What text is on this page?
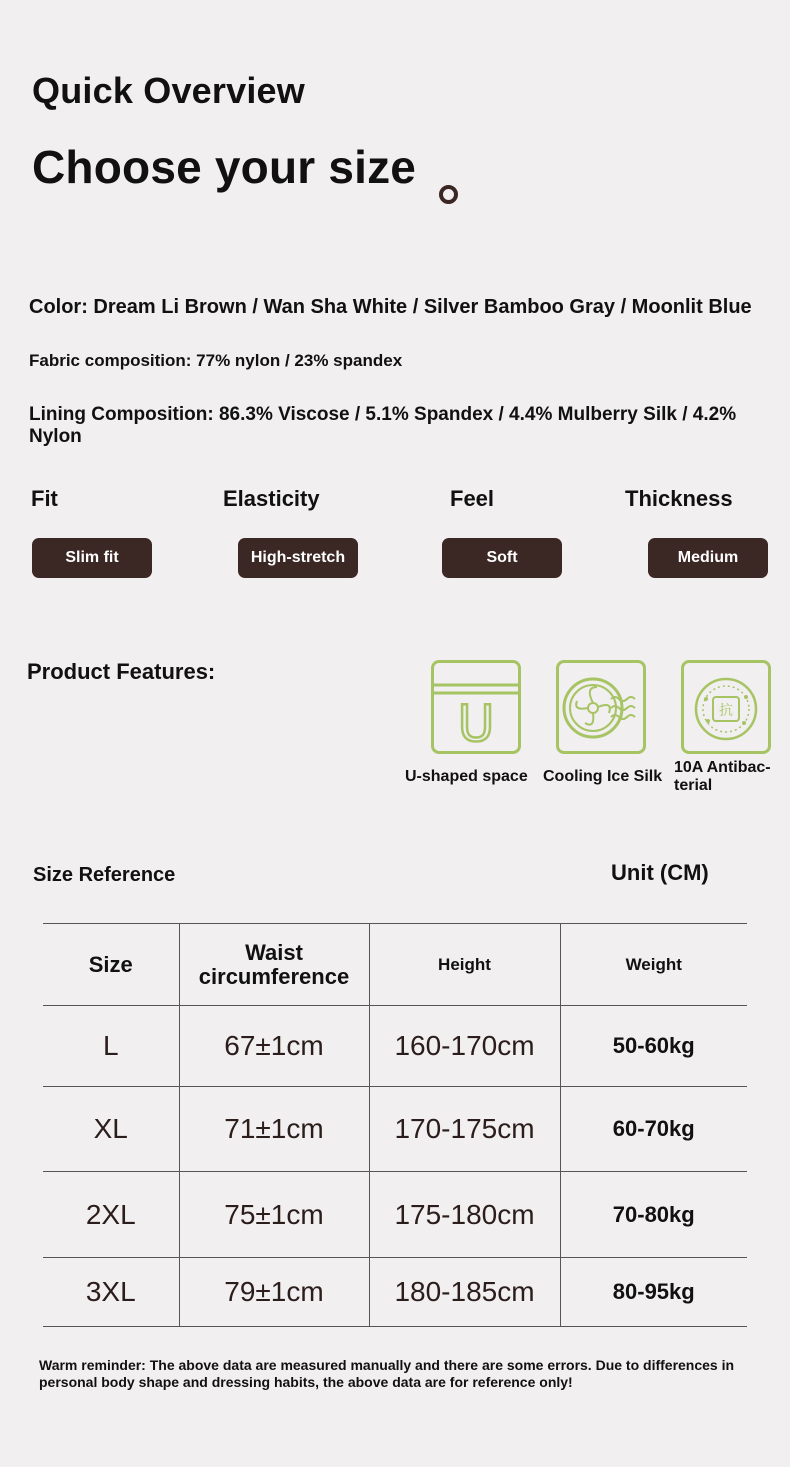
Quick Overview
Choose your size
Color: Dream Li Brown / Wan Sha White / Silver Bamboo Gray / Moonlit Blue
Fabric composition: 77% nylon / 23% spandex
Lining Composition: 86.3% Viscose / 5.1% Spandex / 4.4% Mulberry Silk / 4.2% Nylon
Fit	Elasticity	Feel	Thickness
Slim fit	High-stretch	Soft	Medium
Product Features:
U	抗
U-shaped space Cooling Ice Silk
10A Antibac-terial
Size Reference	Unit (CM)
Size	Waist circumference	Height	Weight
L	67±1cm	160-170cm	50-60kg
XL	71±1cm	170-175cm	60-70kg
2XL	75±1cm	175-180cm	70-80kg
3XL	79±1cm	180-185cm	80-95kg
Warm reminder: The above data are measured manually and there are some errors. Due to differences in personal body shape and dressing habits, the above data are for reference only!
